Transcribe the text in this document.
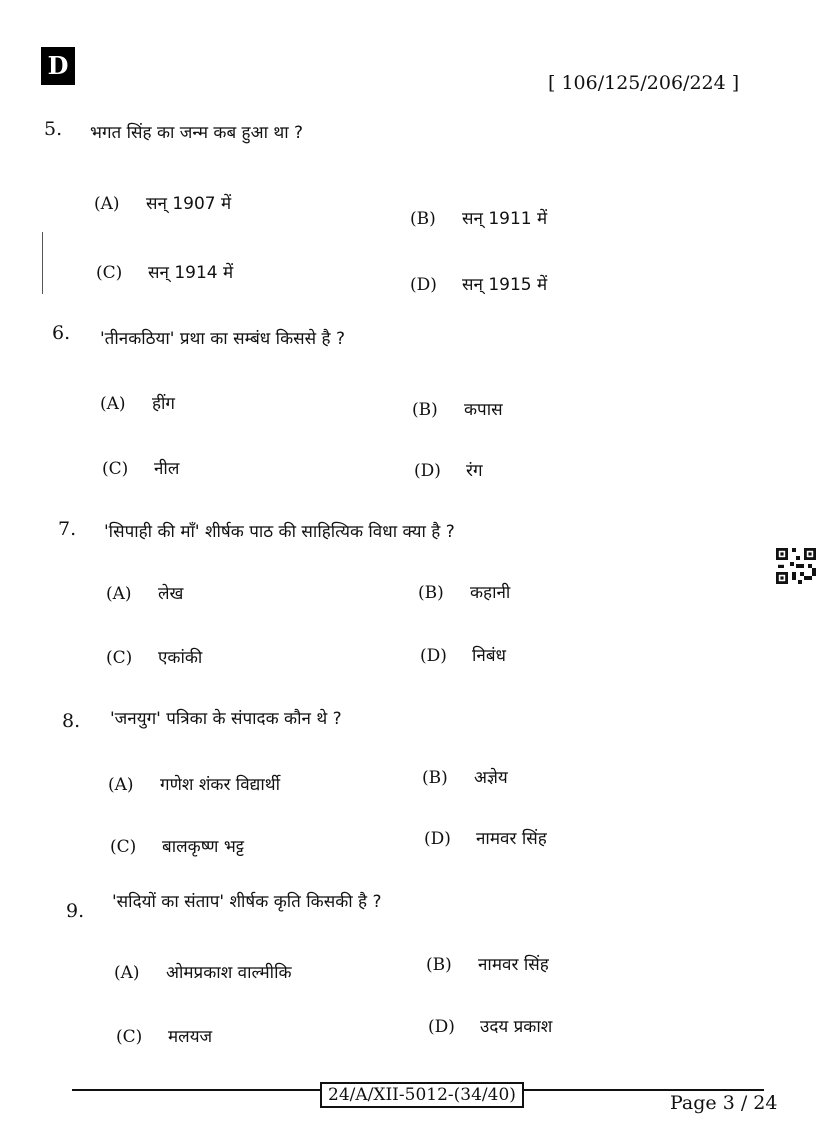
D
[ 106/125/206/224 ]
5. भगत सिंह का जन्म कब हुआ था ?
(A) सन् 1907 में
(B) सन् 1911 में
(C) सन् 1914 में
(D) सन् 1915 में
6. 'तीनकठिया' प्रथा का सम्बंध किससे है ?
(A) हींग	(B) कपास
(C) नील	(D) रंग
7. 'सिपाही की माँ' शीर्षक पाठ की साहित्यिक विधा क्या है ?
(A) लेख	(B) कहानी
(C) एकांकी	(D) निबंध
8. 'जनयुग' पत्रिका के संपादक कौन थे ?
(A) गणेश शंकर विद्यार्थी	(B) अज्ञेय
(C) बालकृष्ण भट्ट	(D) नामवर सिंह
9. 'सदियों का संताप' शीर्षक कृति किसकी है ?
(A) ओमप्रकाश वाल्मीकि	(B) नामवर सिंह
(C) मलयज	(D) उदय प्रकाश
24/A/XII-5012-(34/40)	Page 3 / 24
